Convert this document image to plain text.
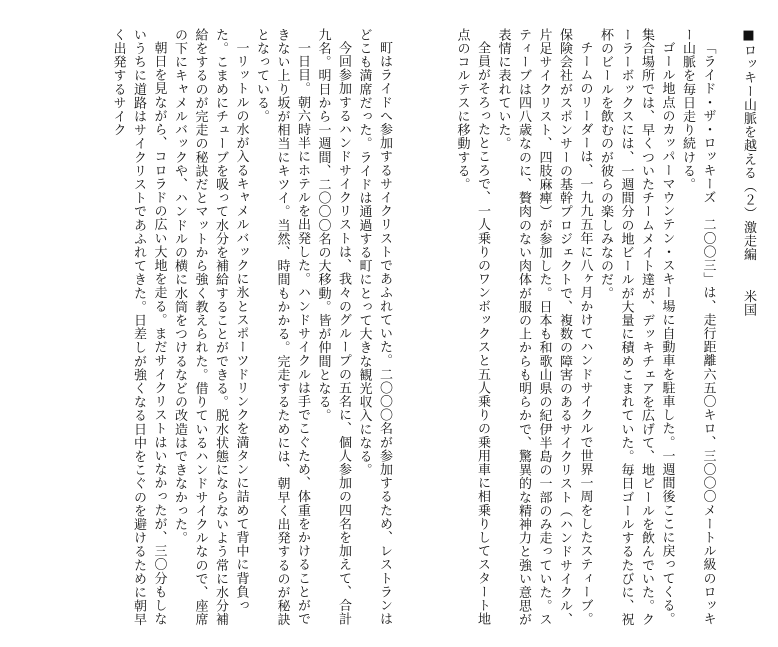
■ロッキー山脈を越える（２）激走編米国

「ライド・ザ・ロッキーズ　二〇〇三」は、走行距離六五〇キロ、三〇〇〇メートル級のロッキー山脈を毎日走り続ける。

ゴール地点のカッパーマウンテン・スキー場に自動車を駐車した。一週間後ここに戻ってくる。集合場所では、早くついたチームメイト達が、デッキチェアを広げて、地ビールを飲んでいた。クーラーボックスには、一週間分の地ビールが大量に積めこまれていた。毎日ゴールするたびに、祝杯のビールを飲むのが彼らの楽しみなのだ。

チームのリーダーは、一九九五年に八ヶ月かけてハンドサイクルで世界一周をしたスティーブ。保険会社がスポンサーの基幹プロジェクトで、複数の障害のあるサイクリスト（ハンドサイクル、片足サイクリスト、四肢麻痺）が参加した。日本も和歌山県の紀伊半島の一部のみ走っていた。スティーブは四八歳なのに、贅肉のない肉体が服の上からも明らかで、驚異的な精神力と強い意思が表情に表れていた。

全員がそろったところで、一人乗りのワンボックスと五人乗りの乗用車に相乗りしてスタート地点のコルテスに移動する。

町はライドへ参加するサイクリストであふれていた。二〇〇〇名が参加するため、レストランはどこも満席だった。ライドは通過する町にとって大きな観光収入になる。

今回参加するハンドサイクリストは、我々のグループの五名に、個人参加の四名を加えて、合計九名。明日から一週間、二〇〇〇名の大移動。皆が仲間となる。

一日目。朝六時半にホテルを出発した。ハンドサイクルは手でこぐため、体重をかけることができない上り坂が相当にキツイ。当然、時間もかかる。完走するためには、朝早く出発するのが秘訣となっている。

一リットルの水が入るキャメルバックに氷とスポーツドリンクを満タンに詰めて背中に背負った。こまめにチューブを吸って水分を補給することができる。脱水状態にならないよう常に水分補給をするのが完走の秘訣だとマットから強く教えられた。借りているハンドサイクルなので、座席の下にキャメルバックや、ハンドルの横に水筒をつけるなどの改造はできなかった。

朝日を見ながら、コロラドの広い大地を走る。まだサイクリストはいなかったが、三〇分もしないうちに道路はサイクリストであふれてきた。日差しが強くなる日中をこぐのを避けるために朝早く出発するサイク
